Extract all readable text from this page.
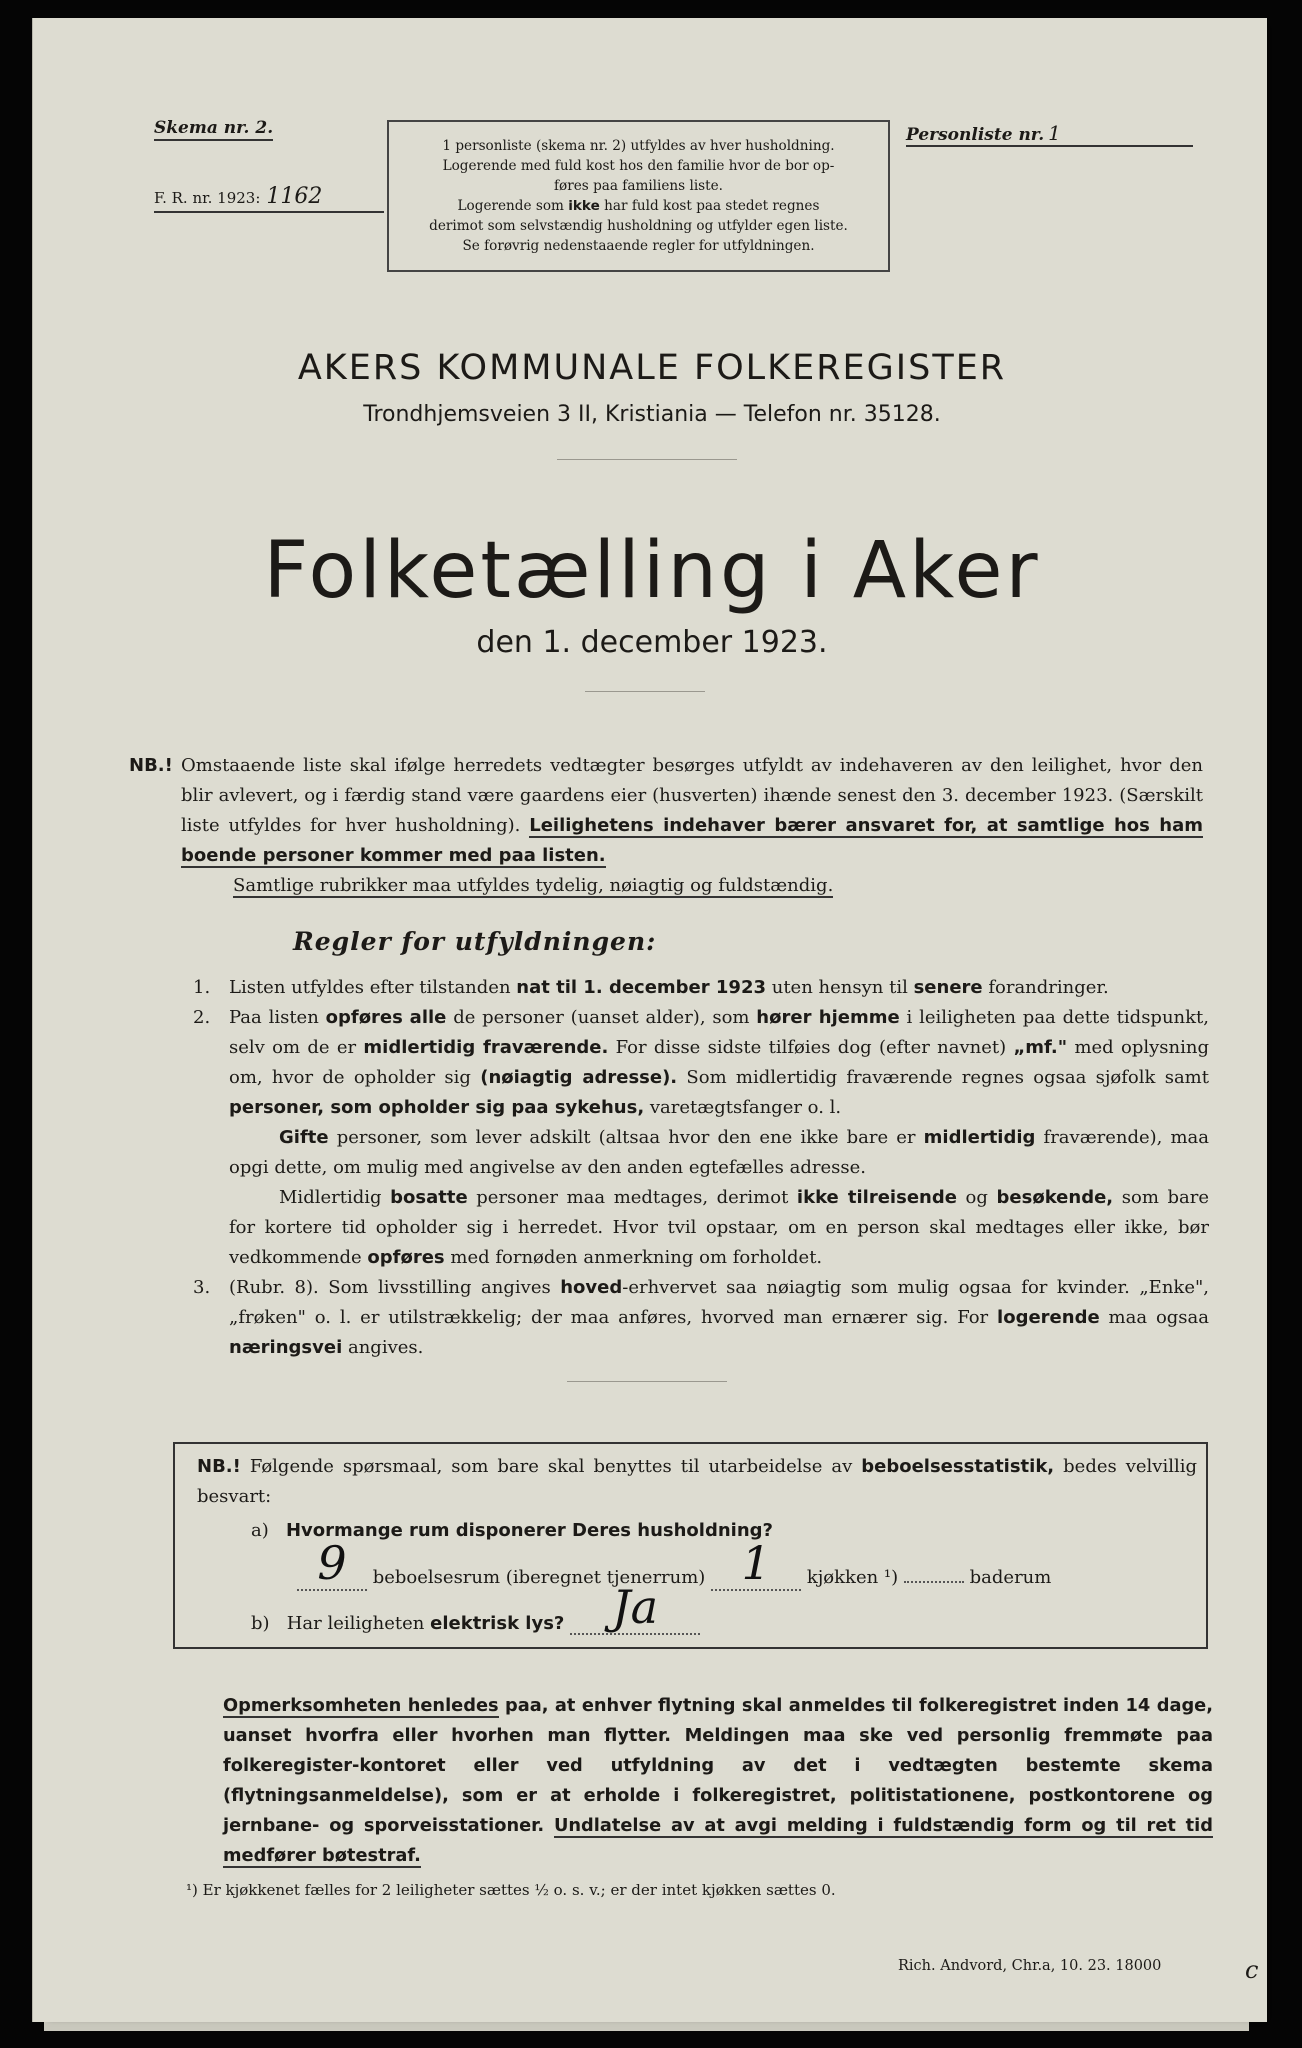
Skema nr. 2.
F. R. nr. 1923: 1162
1 personliste (skema nr. 2) utfyldes av hver husholdning.
Logerende med fuld kost hos den familie hvor de bor op-
føres paa familiens liste.
Logerende som ikke har fuld kost paa stedet regnes
derimot som selvstændig husholdning og utfylder egen liste.
Se forøvrig nedenstaaende regler for utfyldningen.
Personliste nr. 1
AKERS KOMMUNALE FOLKEREGISTER
Trondhjemsveien 3 II, Kristiania — Telefon nr. 35128.
Folketælling i Aker
den 1. december 1923.
NB.! Omstaaende liste skal ifølge herredets vedtægter besørges utfyldt av indehaveren av den leilighet, hvor den blir avlevert, og i færdig stand være gaardens eier (husverten) ihænde senest den 3. december 1923. (Særskilt liste utfyldes for hver husholdning). Leilighetens indehaver bærer ansvaret for, at samtlige hos ham boende personer kommer med paa listen.
Samtlige rubrikker maa utfyldes tydelig, nøiagtig og fuldstændig.
Regler for utfyldningen:

1. Listen utfyldes efter tilstanden nat til 1. december 1923 uten hensyn til senere forandringer.

2. Paa listen opføres alle de personer (uanset alder), som hører hjemme i leiligheten paa dette tidspunkt, selv om de er midlertidig fraværende. For disse sidste tilføies dog (efter navnet) „mf." med oplysning om, hvor de opholder sig (nøiagtig adresse). Som midlertidig fraværende regnes ogsaa sjøfolk samt personer, som opholder sig paa sykehus, varetægtsfanger o. l.

Gifte personer, som lever adskilt (altsaa hvor den ene ikke bare er midlertidig fraværende), maa opgi dette, om mulig med angivelse av den anden egtefælles adresse.

Midlertidig bosatte personer maa medtages, derimot ikke tilreisende og besøkende, som bare for kortere tid opholder sig i herredet. Hvor tvil opstaar, om en person skal medtages eller ikke, bør vedkommende opføres med fornøden anmerkning om forholdet.

3. (Rubr. 8). Som livsstilling angives hoved-erhvervet saa nøiagtig som mulig ogsaa for kvinder. „Enke", „frøken" o. l. er utilstrækkelig; der maa anføres, hvorved man ernærer sig. For logerende maa ogsaa næringsvei angives.

NB.! Følgende spørsmaal, som bare skal benyttes til utarbeidelse av beboelsesstatistik, bedes velvillig besvart:
a) Hvormange rum disponerer Deres husholdning?
9 beboelsesrum (iberegnet tjenerrum) 1 kjøkken ¹)	baderum
b) Har leiligheten elektrisk lys? Ja
Opmerksomheten henledes paa, at enhver flytning skal anmeldes til folkeregistret inden 14 dage, uanset hvorfra eller hvorhen man flytter. Meldingen maa ske ved personlig fremmøte paa folkeregister-kontoret eller ved utfyldning av det i vedtægten bestemte skema (flytningsanmeldelse), som er at erholde i folkeregistret, politistationene, postkontorene og jernbane- og sporveisstationer. Undlatelse av at avgi melding i fuldstændig form og til ret tid medfører bøtestraf.
¹) Er kjøkkenet fælles for 2 leiligheter sættes ½ o. s. v.; er der intet kjøkken sættes 0.
Rich. Andvord, Chr.a, 10. 23. 18000	c
